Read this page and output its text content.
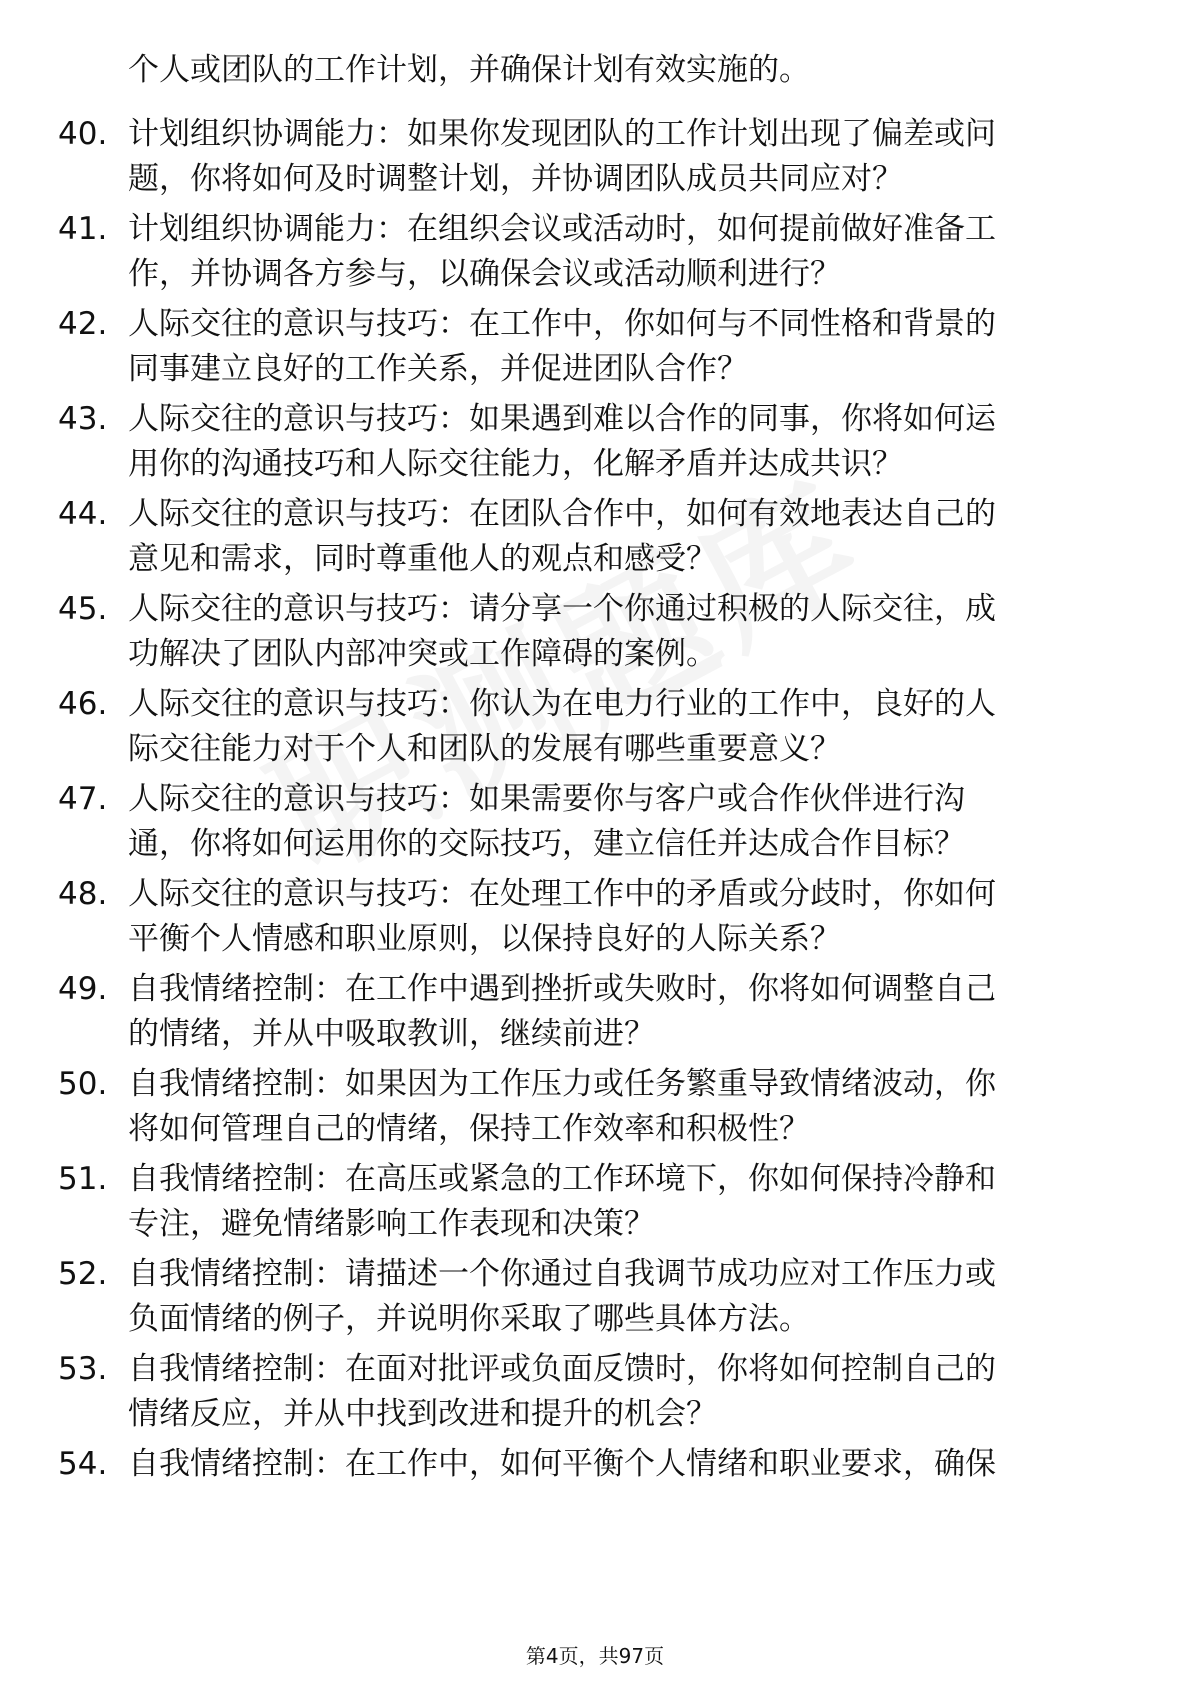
个人或团队的工作计划，并确保计划有效实施的。
40. 计划组织协调能力：如果你发现团队的工作计划出现了偏差或问
题，你将如何及时调整计划，并协调团队成员共同应对？
41. 计划组织协调能力：在组织会议或活动时，如何提前做好准备工
作，并协调各方参与，以确保会议或活动顺利进行？
42. 人际交往的意识与技巧：在工作中，你如何与不同性格和背景的
同事建立良好的工作关系，并促进团队合作？
43. 人际交往的意识与技巧：如果遇到难以合作的同事，你将如何运
用你的沟通技巧和人际交往能力，化解矛盾并达成共识？
44. 人际交往的意识与技巧：在团队合作中，如何有效地表达自己的
意见和需求，同时尊重他人的观点和感受？
45. 人际交往的意识与技巧：请分享一个你通过积极的人际交往，成
功解决了团队内部冲突或工作障碍的案例。
46. 人际交往的意识与技巧：你认为在电力行业的工作中，良好的人
际交往能力对于个人和团队的发展有哪些重要意义？
47. 人际交往的意识与技巧：如果需要你与客户或合作伙伴进行沟
通，你将如何运用你的交际技巧，建立信任并达成合作目标？
48. 人际交往的意识与技巧：在处理工作中的矛盾或分歧时，你如何
平衡个人情感和职业原则，以保持良好的人际关系？
49. 自我情绪控制：在工作中遇到挫折或失败时，你将如何调整自己
的情绪，并从中吸取教训，继续前进？
50. 自我情绪控制：如果因为工作压力或任务繁重导致情绪波动，你
将如何管理自己的情绪，保持工作效率和积极性？
51. 自我情绪控制：在高压或紧急的工作环境下，你如何保持冷静和
专注，避免情绪影响工作表现和决策？
52. 自我情绪控制：请描述一个你通过自我调节成功应对工作压力或
负面情绪的例子，并说明你采取了哪些具体方法。
53. 自我情绪控制：在面对批评或负面反馈时，你将如何控制自己的
情绪反应，并从中找到改进和提升的机会？
54. 自我情绪控制：在工作中，如何平衡个人情绪和职业要求，确保
第4页，共97页
